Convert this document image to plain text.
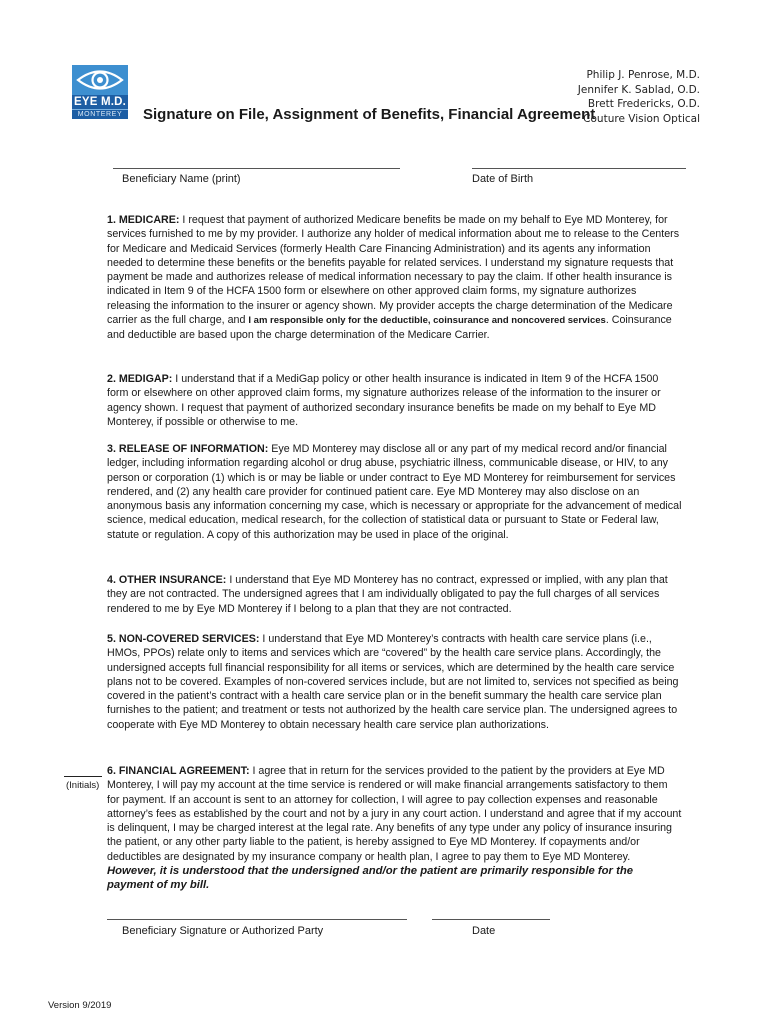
EYE M.D.
MONTEREY	Signature on File, Assignment of Benefits, Financial Agreement
Philip J. Penrose, M.D.
Jennifer K. Sablad, O.D.
Brett Fredericks, O.D.
Couture Vision Optical
Beneficiary Name (print)	Date of Birth

1. MEDICARE: I request that payment of authorized Medicare benefits be made on my behalf to Eye MD Monterey, for services furnished to me by my provider. I authorize any holder of medical information about me to release to the Centers for Medicare and Medicaid Services (formerly Health Care Financing Administration) and its agents any information needed to determine these benefits or the benefits payable for related services. I understand my signature requests that payment be made and authorizes release of medical information necessary to pay the claim. If other health insurance is indicated in Item 9 of the HCFA 1500 form or elsewhere on other approved claim forms, my signature authorizes releasing the information to the insurer or agency shown. My provider accepts the charge determination of the Medicare carrier as the full charge, and I am responsible only for the deductible, coinsurance and noncovered services. Coinsurance and deductible are based upon the charge determination of the Medicare Carrier.

2. MEDIGAP: I understand that if a MediGap policy or other health insurance is indicated in Item 9 of the HCFA 1500 form or elsewhere on other approved claim forms, my signature authorizes release of the information to the insurer or agency shown. I request that payment of authorized secondary insurance benefits be made on my behalf to Eye MD Monterey, if possible or otherwise to me.

3. RELEASE OF INFORMATION: Eye MD Monterey may disclose all or any part of my medical record and/or financial ledger, including information regarding alcohol or drug abuse, psychiatric illness, communicable disease, or HIV, to any person or corporation (1) which is or may be liable or under contract to Eye MD Monterey for reimbursement for services rendered, and (2) any health care provider for continued patient care. Eye MD Monterey may also disclose on an anonymous basis any information concerning my case, which is necessary or appropriate for the advancement of medical science, medical education, medical research, for the collection of statistical data or pursuant to State or Federal law, statute or regulation. A copy of this authorization may be used in place of the original.

4. OTHER INSURANCE: I understand that Eye MD Monterey has no contract, expressed or implied, with any plan that they are not contracted. The undersigned agrees that I am individually obligated to pay the full charges of all services rendered to me by Eye MD Monterey if I belong to a plan that they are not contracted.

5. NON-COVERED SERVICES: I understand that Eye MD Monterey’s contracts with health care service plans (i.e., HMOs, PPOs) relate only to items and services which are “covered” by the health care service plans. Accordingly, the undersigned accepts full financial responsibility for all items or services, which are determined by the health care service plans not to be covered. Examples of non-covered services include, but are not limited to, services not specified as being covered in the patient’s contract with a health care service plan or in the benefit summary the health care service plan furnishes to the patient; and treatment or tests not authorized by the health care service plan. The undersigned agrees to cooperate with Eye MD Monterey to obtain necessary health care service plan authorizations.

(Initials)

6. FINANCIAL AGREEMENT: I agree that in return for the services provided to the patient by the providers at Eye MD Monterey, I will pay my account at the time service is rendered or will make financial arrangements satisfactory to them for payment. If an account is sent to an attorney for collection, I will agree to pay collection expenses and reasonable attorney’s fees as established by the court and not by a jury in any court action. I understand and agree that if my account is delinquent, I may be charged interest at the legal rate. Any benefits of any type under any policy of insurance insuring the patient, or any other party liable to the patient, is hereby assigned to Eye MD Monterey. If copayments and/or deductibles are designated by my insurance company or health plan, I agree to pay them to Eye MD Monterey. However, it is understood that the undersigned and/or the patient are primarily responsible for the payment of my bill.

Beneficiary Signature or Authorized Party	Date
Version 9/2019
